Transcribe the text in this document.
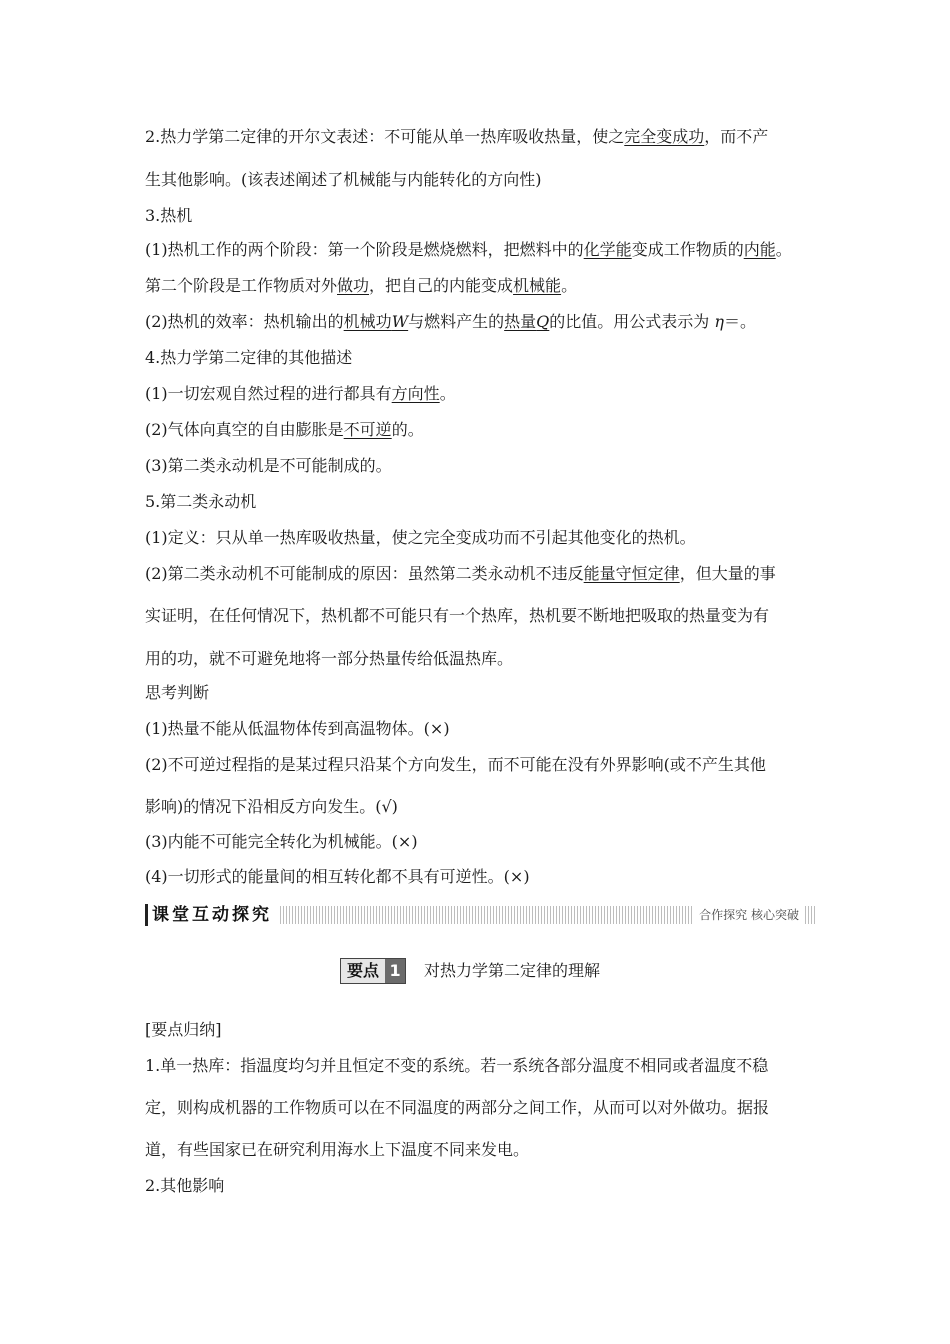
2.热力学第二定律的开尔文表述：不可能从单一热库吸收热量，使之完全变成功，而不产
生其他影响。(该表述阐述了机械能与内能转化的方向性)
3.热机
(1)热机工作的两个阶段：第一个阶段是燃烧燃料，把燃料中的化学能变成工作物质的内能。
第二个阶段是工作物质对外做功，把自己的内能变成机械能。
(2)热机的效率：热机输出的机械功W与燃料产生的热量Q的比值。用公式表示为 η＝。
4.热力学第二定律的其他描述
(1)一切宏观自然过程的进行都具有方向性。
(2)气体向真空的自由膨胀是不可逆的。
(3)第二类永动机是不可能制成的。
5.第二类永动机
(1)定义：只从单一热库吸收热量，使之完全变成功而不引起其他变化的热机。
(2)第二类永动机不可能制成的原因：虽然第二类永动机不违反能量守恒定律，但大量的事
实证明，在任何情况下，热机都不可能只有一个热库，热机要不断地把吸取的热量变为有
用的功，就不可避免地将一部分热量传给低温热库。
思考判断
(1)热量不能从低温物体传到高温物体。(×)
(2)不可逆过程指的是某过程只沿某个方向发生，而不可能在没有外界影响(或不产生其他
影响)的情况下沿相反方向发生。(√)
(3)内能不可能完全转化为机械能。(×)
(4)一切形式的能量间的相互转化都不具有可逆性。(×)
课堂互动探究	合作探究 核心突破
要点 1 对热力学第二定律的理解
[要点归纳]
1.单一热库：指温度均匀并且恒定不变的系统。若一系统各部分温度不相同或者温度不稳
定，则构成机器的工作物质可以在不同温度的两部分之间工作，从而可以对外做功。据报
道，有些国家已在研究利用海水上下温度不同来发电。
2.其他影响
